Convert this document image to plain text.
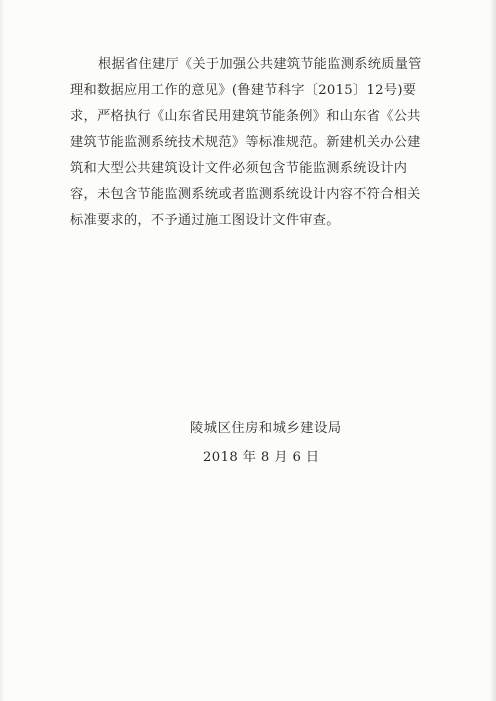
根据省住建厅《关于加强公共建筑节能监测系统质量管
理和数据应用工作的意见》(鲁建节科字〔2015〕12号)要
求，严格执行《山东省民用建筑节能条例》和山东省《公共
建筑节能监测系统技术规范》等标准规范。新建机关办公建
筑和大型公共建筑设计文件必须包含节能监测系统设计内
容，未包含节能监测系统或者监测系统设计内容不符合相关
标准要求的，不予通过施工图设计文件审查。
陵城区住房和城乡建设局
2018 年 8 月 6 日
